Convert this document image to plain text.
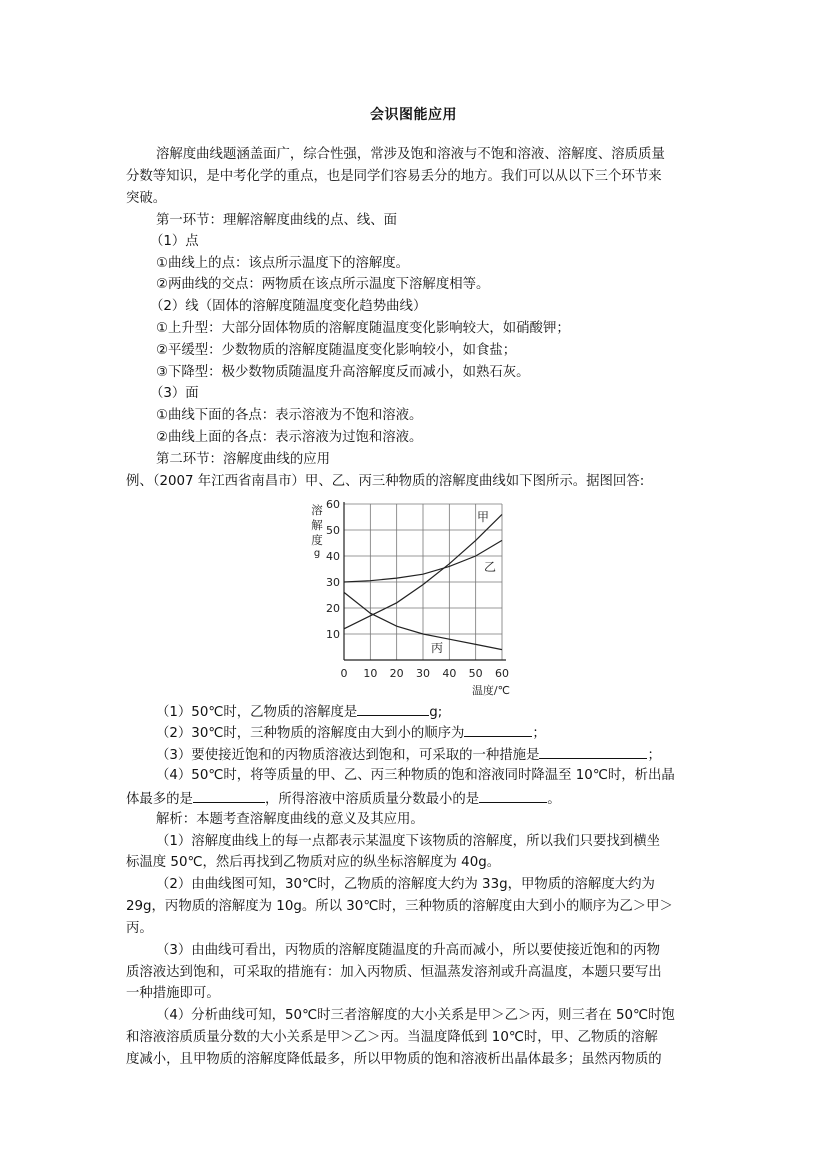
会识图能应用
溶解度曲线题涵盖面广，综合性强，常涉及饱和溶液与不饱和溶液、溶解度、溶质质量
分数等知识，是中考化学的重点，也是同学们容易丢分的地方。我们可以从以下三个环节来
突破。
第一环节：理解溶解度曲线的点、线、面
（1）点
①曲线上的点：该点所示温度下的溶解度。
②两曲线的交点：两物质在该点所示温度下溶解度相等。
（2）线（固体的溶解度随温度变化趋势曲线）
①上升型：大部分固体物质的溶解度随温度变化影响较大，如硝酸钾；
②平缓型：少数物质的溶解度随温度变化影响较小，如食盐；
③下降型：极少数物质随温度升高溶解度反而减小，如熟石灰。
（3）面
①曲线下面的各点：表示溶液为不饱和溶液。
②曲线上面的各点：表示溶液为过饱和溶液。
第二环节：溶解度曲线的应用
例、（2007 年江西省南昌市）甲、乙、丙三种物质的溶解度曲线如下图所示。据图回答:
0 10 20 30 40 50 60
10
20
30
40
50
60
溶
解
度
g
温度/℃
甲
乙
丙
（1）50℃时，乙物质的溶解度是	g;
（2）30℃时，三种物质的溶解度由大到小的顺序为	；
（3）要使接近饱和的丙物质溶液达到饱和，可采取的一种措施是	；
（4）50℃时，将等质量的甲、乙、丙三种物质的饱和溶液同时降温至 10℃时，析出晶
体最多的是	，所得溶液中溶质质量分数最小的是	。
解析：本题考查溶解度曲线的意义及其应用。
（1）溶解度曲线上的每一点都表示某温度下该物质的溶解度，所以我们只要找到横坐
标温度 50℃，然后再找到乙物质对应的纵坐标溶解度为 40g。
（2）由曲线图可知，30℃时，乙物质的溶解度大约为 33g，甲物质的溶解度大约为
29g，丙物质的溶解度为 10g。所以 30℃时，三种物质的溶解度由大到小的顺序为乙＞甲＞
丙。
（3）由曲线可看出，丙物质的溶解度随温度的升高而减小，所以要使接近饱和的丙物
质溶液达到饱和，可采取的措施有：加入丙物质、恒温蒸发溶剂或升高温度，本题只要写出
一种措施即可。
（4）分析曲线可知，50℃时三者溶解度的大小关系是甲＞乙＞丙，则三者在 50℃时饱
和溶液溶质质量分数的大小关系是甲＞乙＞丙。当温度降低到 10℃时，甲、乙物质的溶解
度减小，且甲物质的溶解度降低最多，所以甲物质的饱和溶液析出晶体最多；虽然丙物质的
